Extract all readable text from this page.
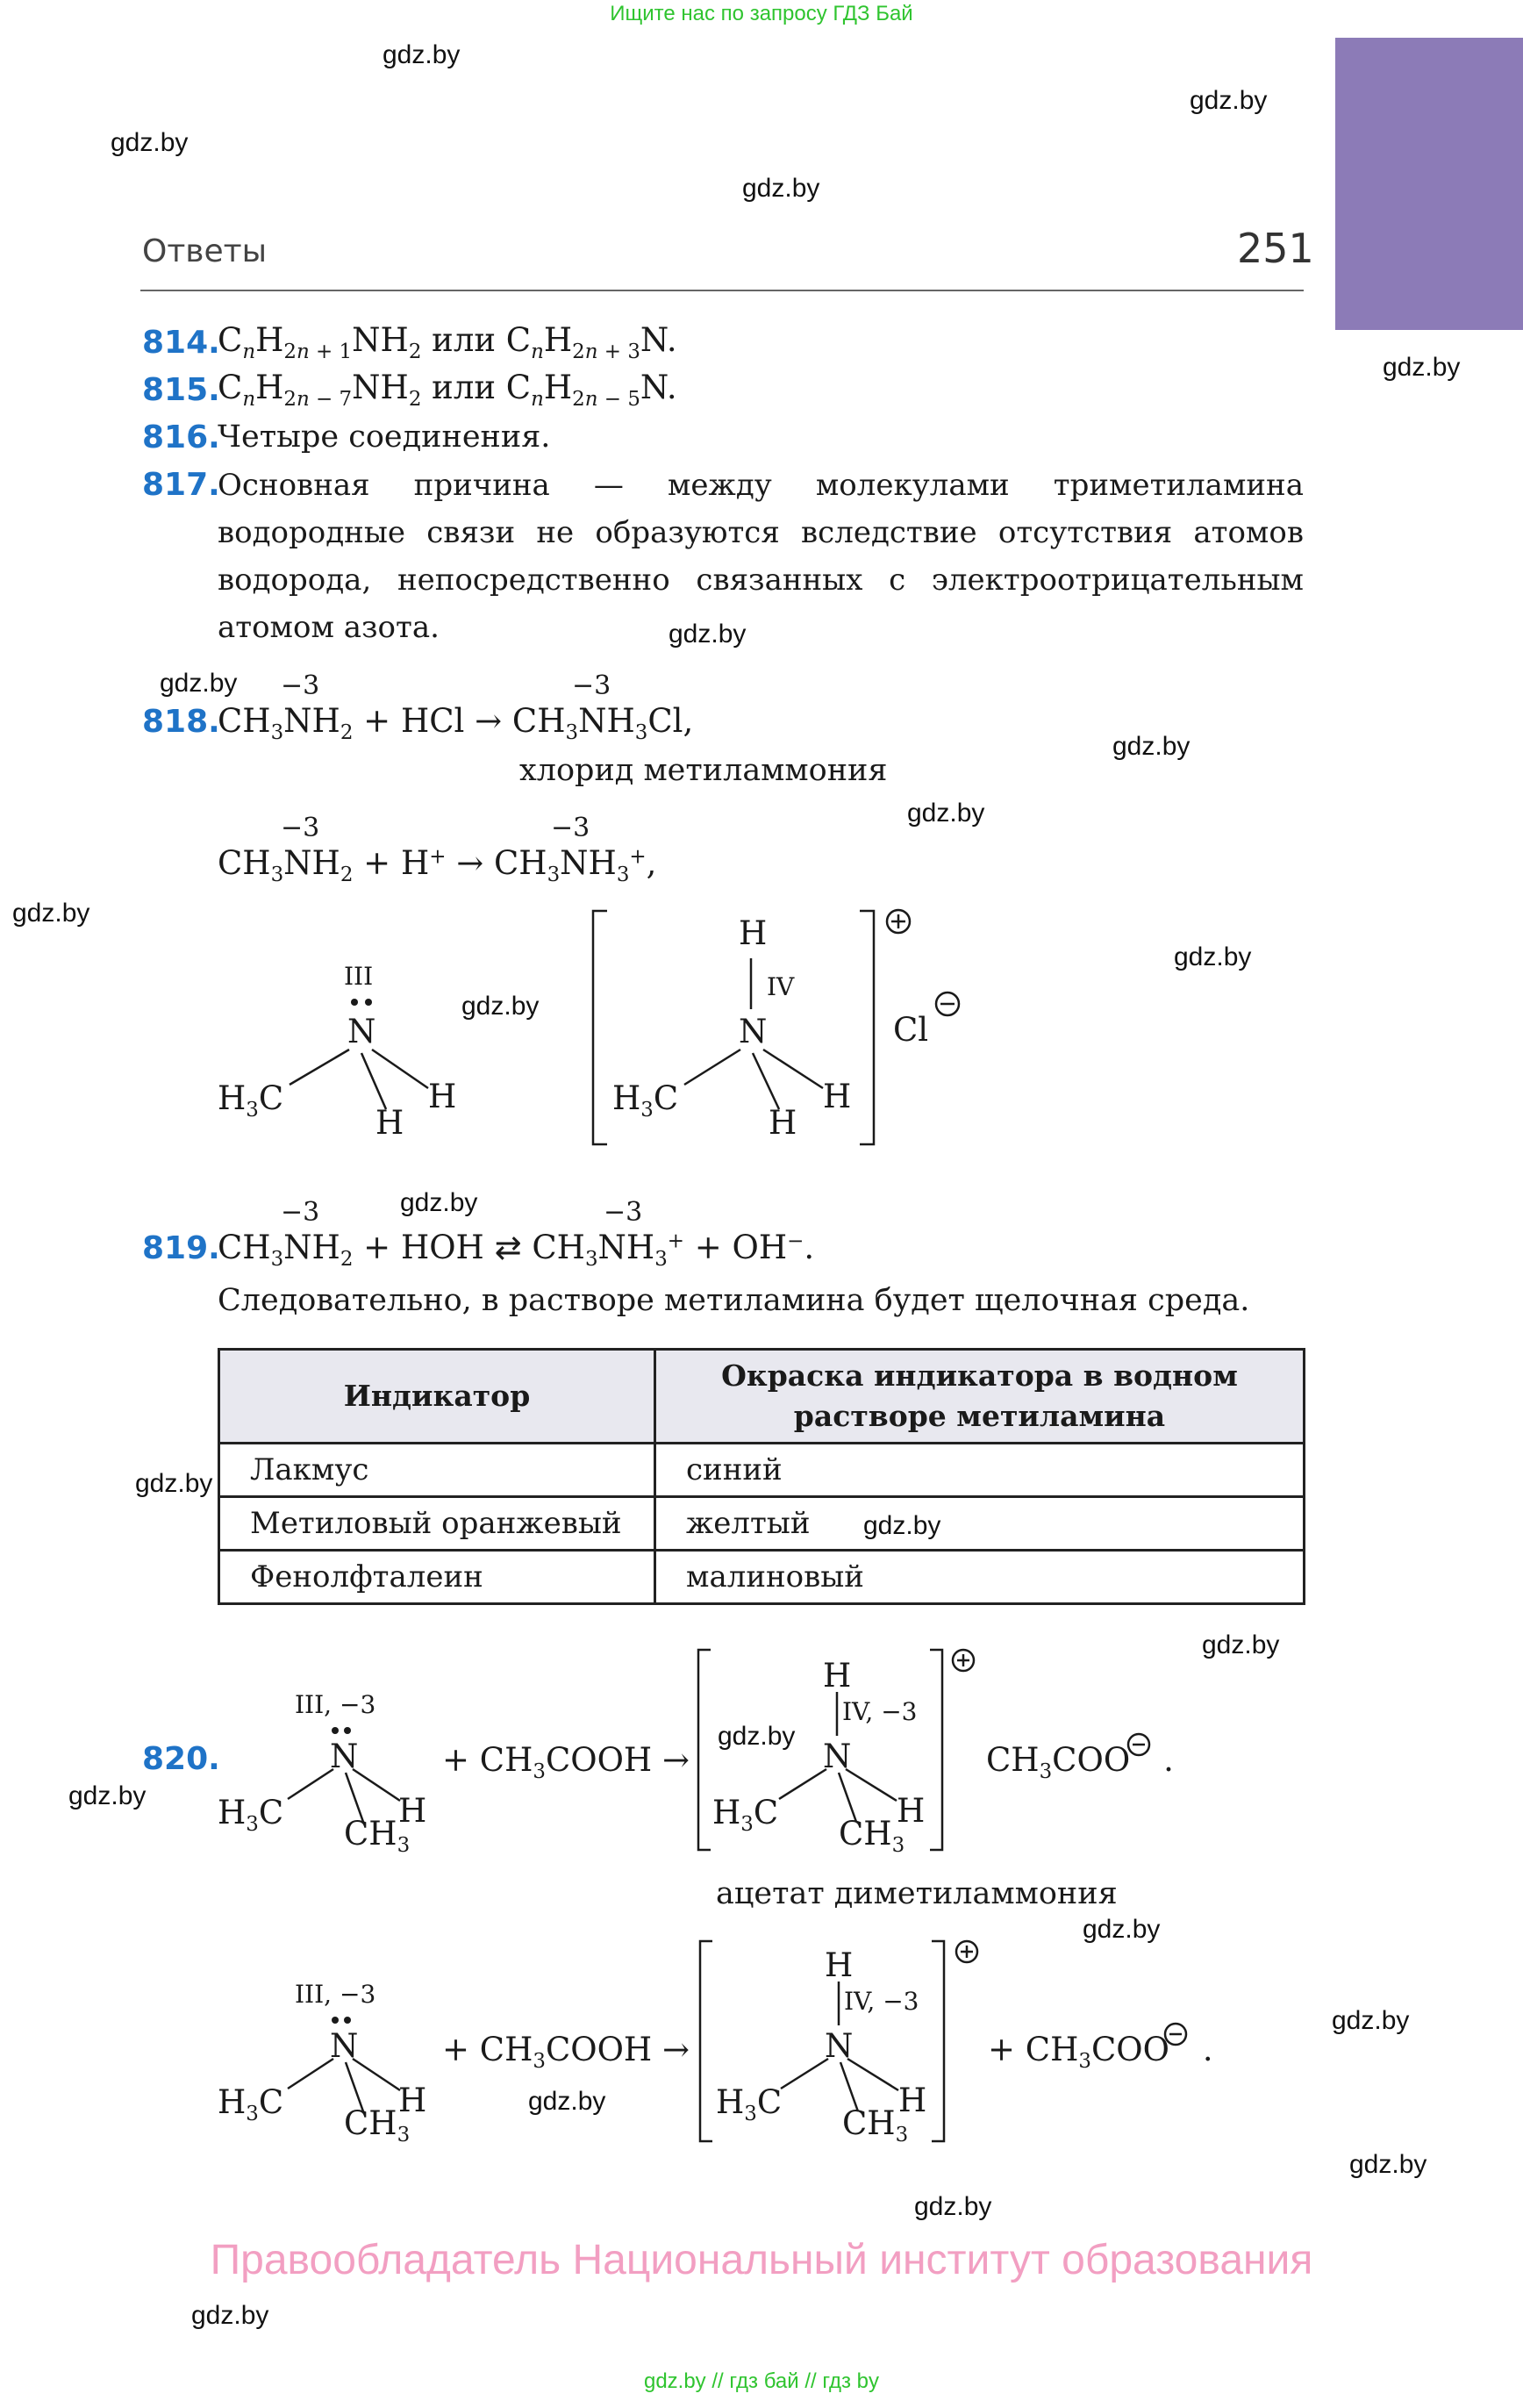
Ищите нас по запросу ГДЗ Бай
gdz.by
gdz.by
gdz.by
gdz.by
gdz.by
gdz.by
gdz.by
gdz.by
gdz.by
gdz.by
gdz.by
gdz.by
gdz.by
gdz.by
gdz.by
gdz.by
gdz.by
gdz.by
gdz.by
gdz.by
gdz.by
gdz.by
gdz.by
gdz.by
Ответы	251
814.
$C_nH_{2n + 1}NH_2$ или $C_nH_{2n + 3}N$.
815.
$C_nH_{2n - 7}NH_2$ или $C_nH_{2n - 5}N$.
816.
Четыре соединения.
817.
Основная причина — между молекулами триметиламина водородные связи не образуются вследствие отсутствия атомов водорода, непосредственно связанных с электроотрицательным атомом азота.
818.
−3	−3
$CH_3NH_2$ + HCl → $CH_3NH_3Cl$,
хлорид метиламмония
−3	−3
$CH_3NH_2 + H^+ \to CH_3NH_3^+$,
III	IV
N
$H_3C$	H
H
H
N
$H_3C$	H
H
Cl
819.
−3	−3
$CH_3NH_2$ + HOH ⇄ $CH_3NH_3^+ + OH^-$.
Следовательно, в растворе метиламина будет щелочная среда.
Индикатор	Окраска индикатора в водном растворе метиламина
Лакмус	синий
Метиловый оранжевый	желтый
Фенолфталеин	малиновый
820.
III, −3
N
$H_3C$	H
$CH_3$
+ $CH_3COOH$ →
H
IV, −3
N
$H_3C$	H
$CH_3$
$CH_3COO$ .
ацетат диметиламмония
III, −3
N
$H_3C$	H
$CH_3$
+ $CH_3COOH$ →
H
IV, −3
N
$H_3C$	H
$CH_3$
+ $CH_3COO$ .
Правообладатель Национальный институт образования
gdz.by // гдз бай // гдз by
